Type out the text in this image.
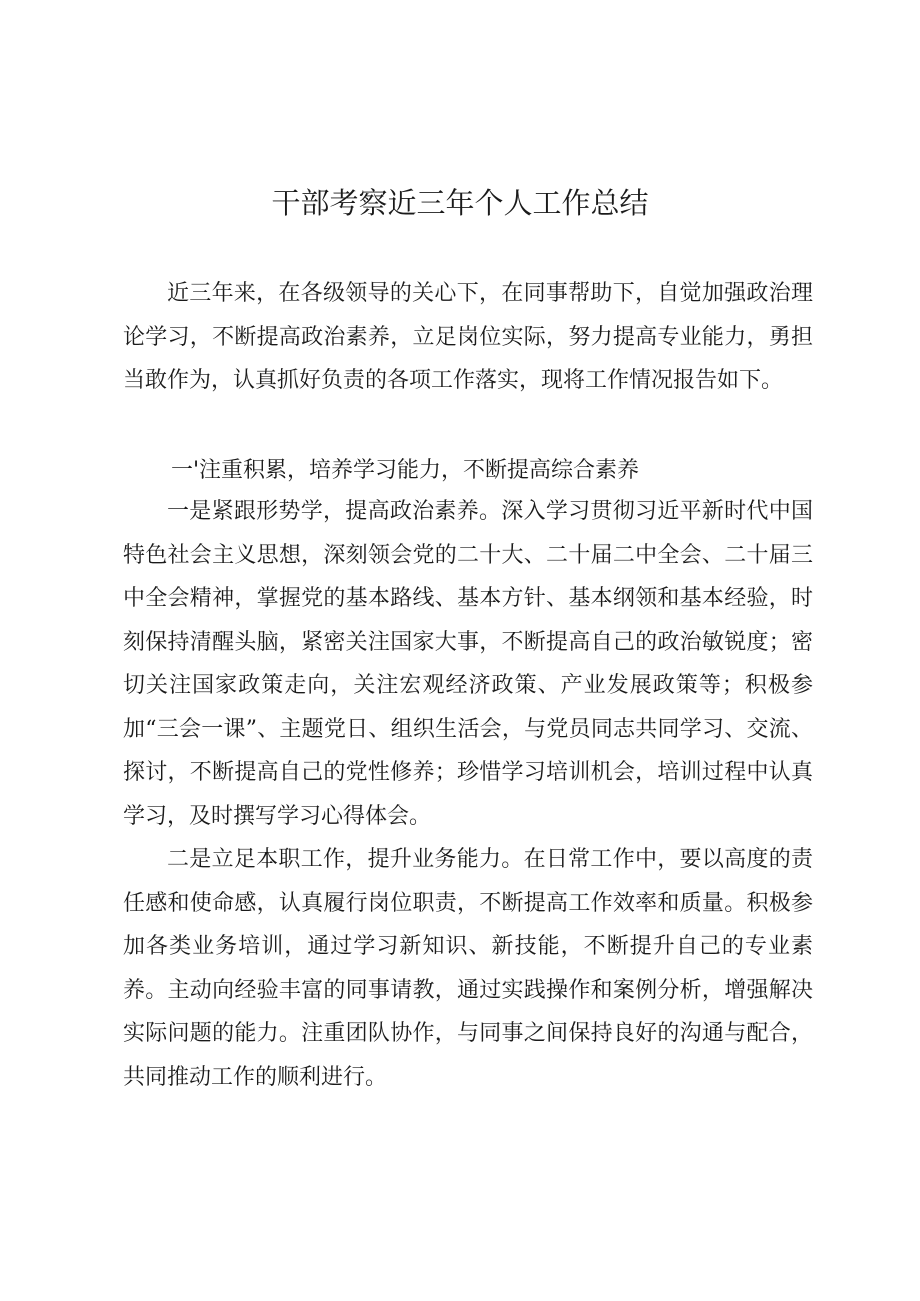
干部考察近三年个人工作总结

近三年来，在各级领导的关心下，在同事帮助下，自觉加强政治理论学习，不断提高政治素养，立足岗位实际，努力提高专业能力，勇担当敢作为，认真抓好负责的各项工作落实，现将工作情况报告如下。

一'注重积累，培养学习能力，不断提高综合素养

一是紧跟形势学，提高政治素养。深入学习贯彻习近平新时代中国特色社会主义思想，深刻领会党的二十大、二十届二中全会、二十届三中全会精神，掌握党的基本路线、基本方针、基本纲领和基本经验，时刻保持清醒头脑，紧密关注国家大事，不断提高自己的政治敏锐度；密切关注国家政策走向，关注宏观经济政策、产业发展政策等；积极参加“三会一课”、主题党日、组织生活会，与党员同志共同学习、交流、探讨，不断提高自己的党性修养；珍惜学习培训机会，培训过程中认真学习，及时撰写学习心得体会。

二是立足本职工作，提升业务能力。在日常工作中，要以高度的责任感和使命感，认真履行岗位职责，不断提高工作效率和质量。积极参加各类业务培训，通过学习新知识、新技能，不断提升自己的专业素养。主动向经验丰富的同事请教，通过实践操作和案例分析，增强解决实际问题的能力。注重团队协作，与同事之间保持良好的沟通与配合，共同推动工作的顺利进行。
